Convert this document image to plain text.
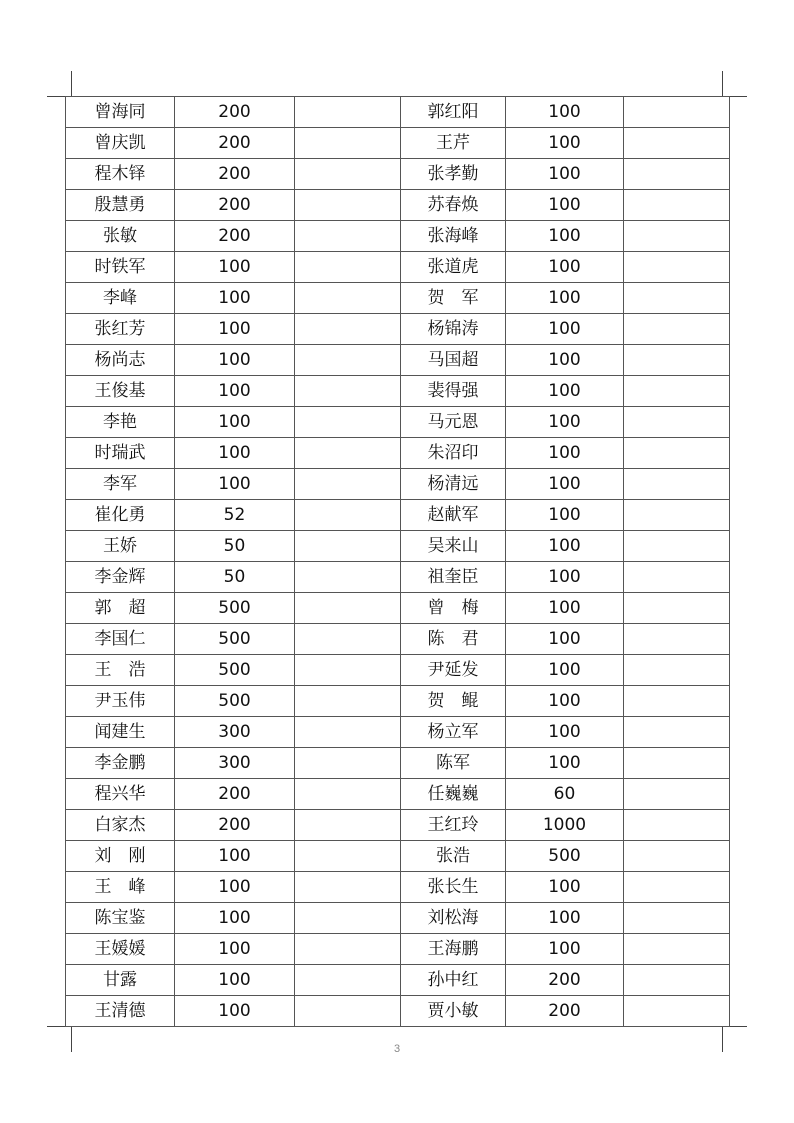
曾海同	200		郭红阳	100	
曾庆凯	200		王芹	100	
程木铎	200		张孝勤	100	
殷慧勇	200		苏春焕	100	
张敏	200		张海峰	100	
时铁军	100		张道虎	100	
李峰	100		贺　军	100	
张红芳	100		杨锦涛	100	
杨尚志	100		马国超	100	
王俊基	100		裴得强	100	
李艳	100		马元恩	100	
时瑞武	100		朱沼印	100	
李军	100		杨清远	100	
崔化勇	52		赵献军	100	
王娇	50		吴来山	100	
李金辉	50		祖奎臣	100	
郭　超	500		曾　梅	100	
李国仁	500		陈　君	100	
王　浩	500		尹延发	100	
尹玉伟	500		贺　鲲	100	
闻建生	300		杨立军	100	
李金鹏	300		陈军	100	
程兴华	200		任巍巍	60	
白家杰	200		王红玲	1000	
刘　刚	100		张浩	500	
王　峰	100		张长生	100	
陈宝鉴	100		刘松海	100	
王媛媛	100		王海鹏	100	
甘露	100		孙中红	200	
王清德	100		贾小敏	200	
3
